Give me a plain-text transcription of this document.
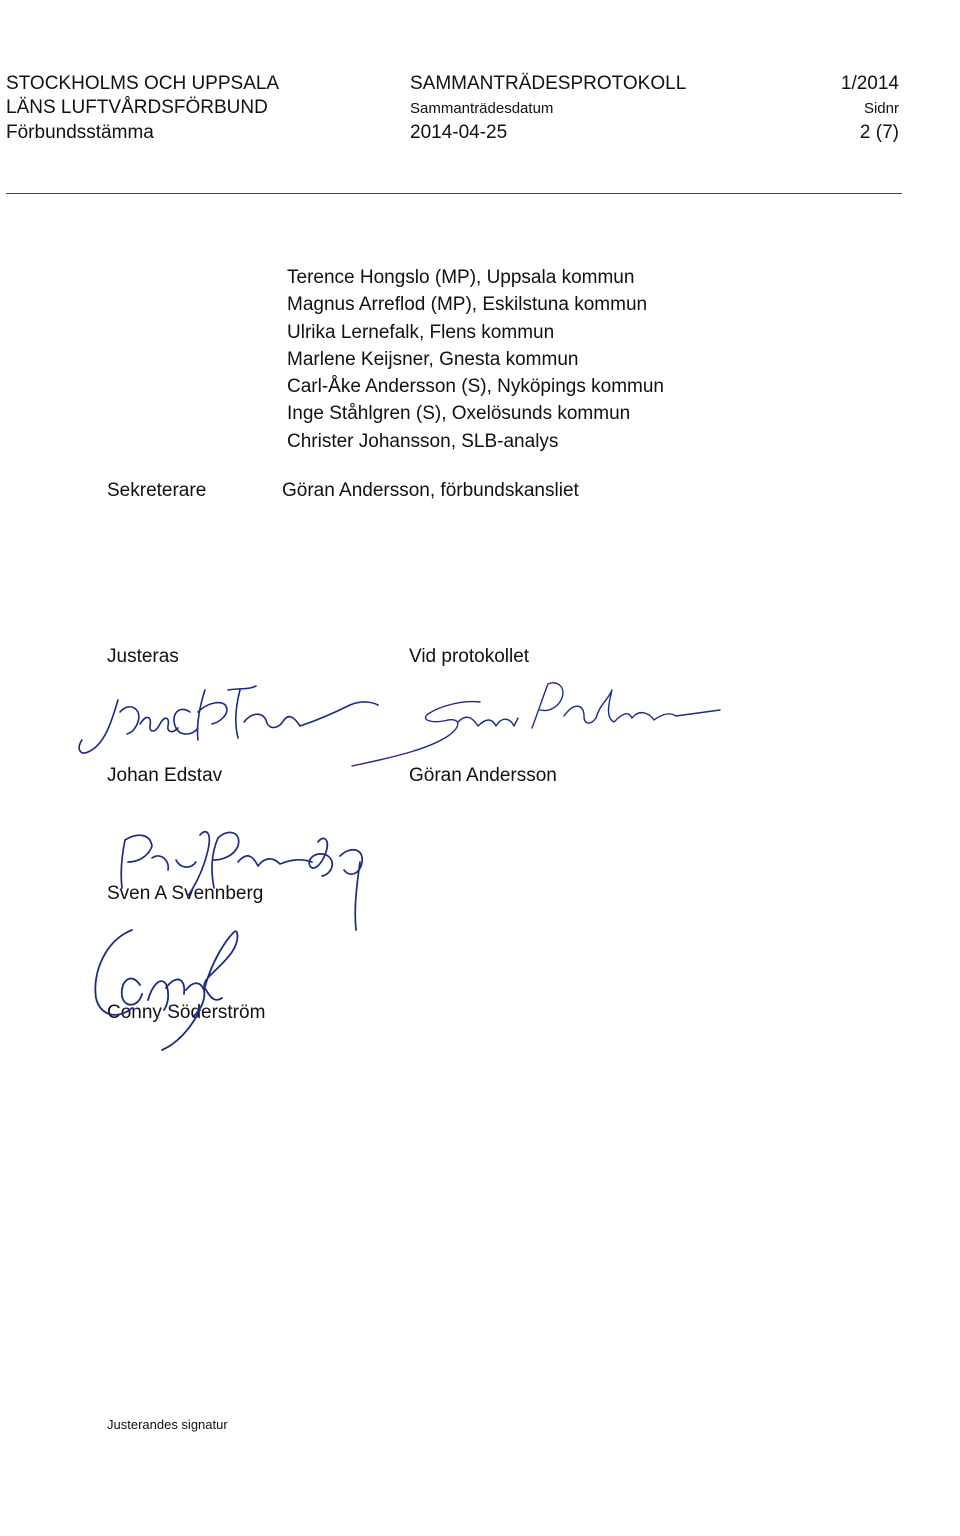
STOCKHOLMS OCH UPPSALA
LÄNS LUFTVÅRDSFÖRBUND
Förbundsstämma
SAMMANTRÄDESPROTOKOLL
Sammanträdesdatum
2014-04-25
1/2014
Sidnr
2 (7)
Terence Hongslo (MP), Uppsala kommun
Magnus Arreflod (MP), Eskilstuna kommun
Ulrika Lernefalk, Flens kommun
Marlene Keijsner, Gnesta kommun
Carl-Åke Andersson (S), Nyköpings kommun
Inge Ståhlgren (S), Oxelösunds kommun
Christer Johansson, SLB-analys
Sekreterare	Göran Andersson, förbundskansliet
Justeras	Vid protokollet
Johan Edstav	Göran Andersson
Sven A Svennberg
Conny Söderström
Justerandes signatur
